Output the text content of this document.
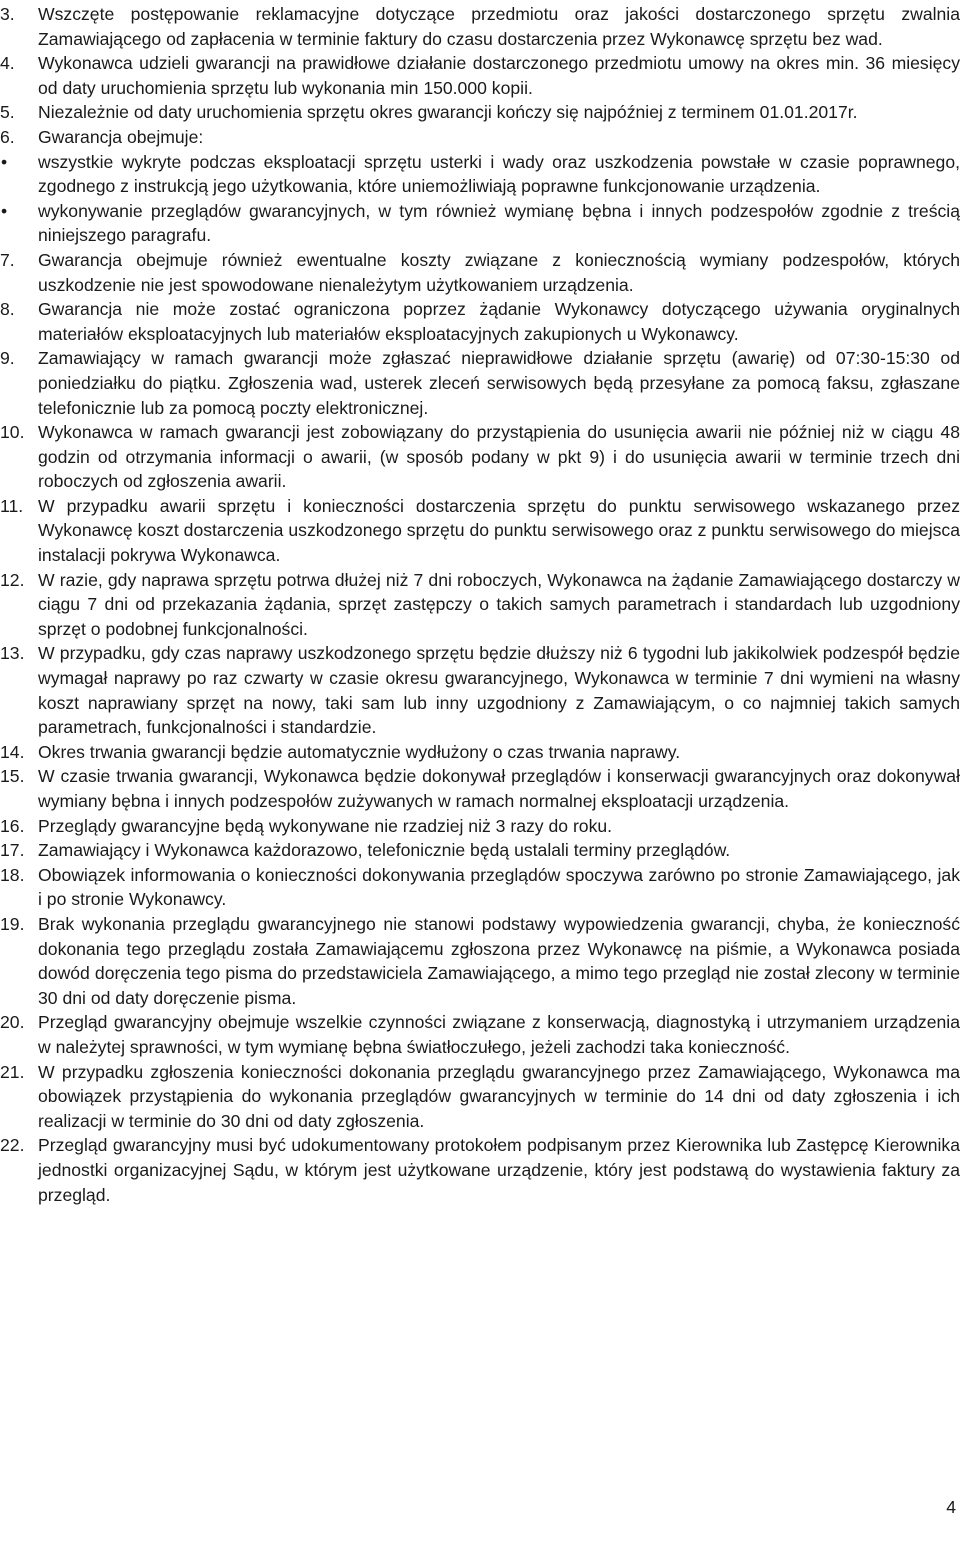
3. Wszczęte postępowanie reklamacyjne dotyczące przedmiotu oraz jakości dostarczonego sprzętu zwalnia Zamawiającego od zapłacenia w terminie faktury do czasu dostarczenia przez Wykonawcę sprzętu bez wad.
4. Wykonawca udzieli gwarancji na prawidłowe działanie dostarczonego przedmiotu umowy na okres min. 36 miesięcy od daty uruchomienia sprzętu lub wykonania min 150.000 kopii.
5. Niezależnie od daty uruchomienia sprzętu okres gwarancji kończy się najpóźniej z terminem 01.01.2017r.
6. Gwarancja obejmuje:
• wszystkie wykryte podczas eksploatacji sprzętu usterki i wady oraz uszkodzenia powstałe w czasie poprawnego, zgodnego z instrukcją jego użytkowania, które uniemożliwiają poprawne funkcjonowanie urządzenia.
• wykonywanie przeglądów gwarancyjnych, w tym również wymianę bębna i innych podzespołów zgodnie z treścią niniejszego paragrafu.
7. Gwarancja obejmuje również ewentualne koszty związane z koniecznością wymiany podzespołów, których uszkodzenie nie jest spowodowane nienależytym użytkowaniem urządzenia.
8. Gwarancja nie może zostać ograniczona poprzez żądanie Wykonawcy dotyczącego używania oryginalnych materiałów eksploatacyjnych lub materiałów eksploatacyjnych zakupionych u Wykonawcy.
9. Zamawiający w ramach gwarancji może zgłaszać nieprawidłowe działanie sprzętu (awarię) od 07:30-15:30 od poniedziałku do piątku. Zgłoszenia wad, usterek zleceń serwisowych będą przesyłane za pomocą faksu, zgłaszane telefonicznie lub za pomocą poczty elektronicznej.
10. Wykonawca w ramach gwarancji jest zobowiązany do przystąpienia do usunięcia awarii nie później niż w ciągu 48 godzin od otrzymania informacji o awarii, (w sposób podany w pkt 9) i do usunięcia awarii w terminie trzech dni roboczych od zgłoszenia awarii.
11. W przypadku awarii sprzętu i konieczności dostarczenia sprzętu do punktu serwisowego wskazanego przez Wykonawcę koszt dostarczenia uszkodzonego sprzętu do punktu serwisowego oraz z punktu serwisowego do miejsca instalacji pokrywa Wykonawca.
12. W razie, gdy naprawa sprzętu potrwa dłużej niż 7 dni roboczych, Wykonawca na żądanie Zamawiającego dostarczy w ciągu 7 dni od przekazania żądania, sprzęt zastępczy o takich samych parametrach i standardach lub uzgodniony sprzęt o podobnej funkcjonalności.
13. W przypadku, gdy czas naprawy uszkodzonego sprzętu będzie dłuższy niż 6 tygodni lub jakikolwiek podzespół będzie wymagał naprawy po raz czwarty w czasie okresu gwarancyjnego, Wykonawca w terminie 7 dni wymieni na własny koszt naprawiany sprzęt na nowy, taki sam lub inny uzgodniony z Zamawiającym, o co najmniej takich samych parametrach, funkcjonalności i standardzie.
14. Okres trwania gwarancji będzie automatycznie wydłużony o czas trwania naprawy.
15. W czasie trwania gwarancji, Wykonawca będzie dokonywał przeglądów i konserwacji gwarancyjnych oraz dokonywał wymiany bębna i innych podzespołów zużywanych w ramach normalnej eksploatacji urządzenia.
16. Przeglądy gwarancyjne będą wykonywane nie rzadziej niż 3 razy do roku.
17. Zamawiający i Wykonawca każdorazowo, telefonicznie będą ustalali terminy przeglądów.
18. Obowiązek informowania o konieczności dokonywania przeglądów spoczywa zarówno po stronie Zamawiającego, jak i po stronie Wykonawcy.
19. Brak wykonania przeglądu gwarancyjnego nie stanowi podstawy wypowiedzenia gwarancji, chyba, że konieczność dokonania tego przeglądu została Zamawiającemu zgłoszona przez Wykonawcę na piśmie, a Wykonawca posiada dowód doręczenia tego pisma do przedstawiciela Zamawiającego, a mimo tego przegląd nie został zlecony w terminie 30 dni od daty doręczenie pisma.
20. Przegląd gwarancyjny obejmuje wszelkie czynności związane z konserwacją, diagnostyką i utrzymaniem urządzenia w należytej sprawności, w tym wymianę bębna światłoczułego, jeżeli zachodzi taka konieczność.
21. W przypadku zgłoszenia konieczności dokonania przeglądu gwarancyjnego przez Zamawiającego, Wykonawca ma obowiązek przystąpienia do wykonania przeglądów gwarancyjnych w terminie do 14 dni od daty zgłoszenia i ich realizacji w terminie do 30 dni od daty zgłoszenia.
22. Przegląd gwarancyjny musi być udokumentowany protokołem podpisanym przez Kierownika lub Zastępcę Kierownika jednostki organizacyjnej Sądu, w którym jest użytkowane urządzenie, który jest podstawą do wystawienia faktury za przegląd.
4
